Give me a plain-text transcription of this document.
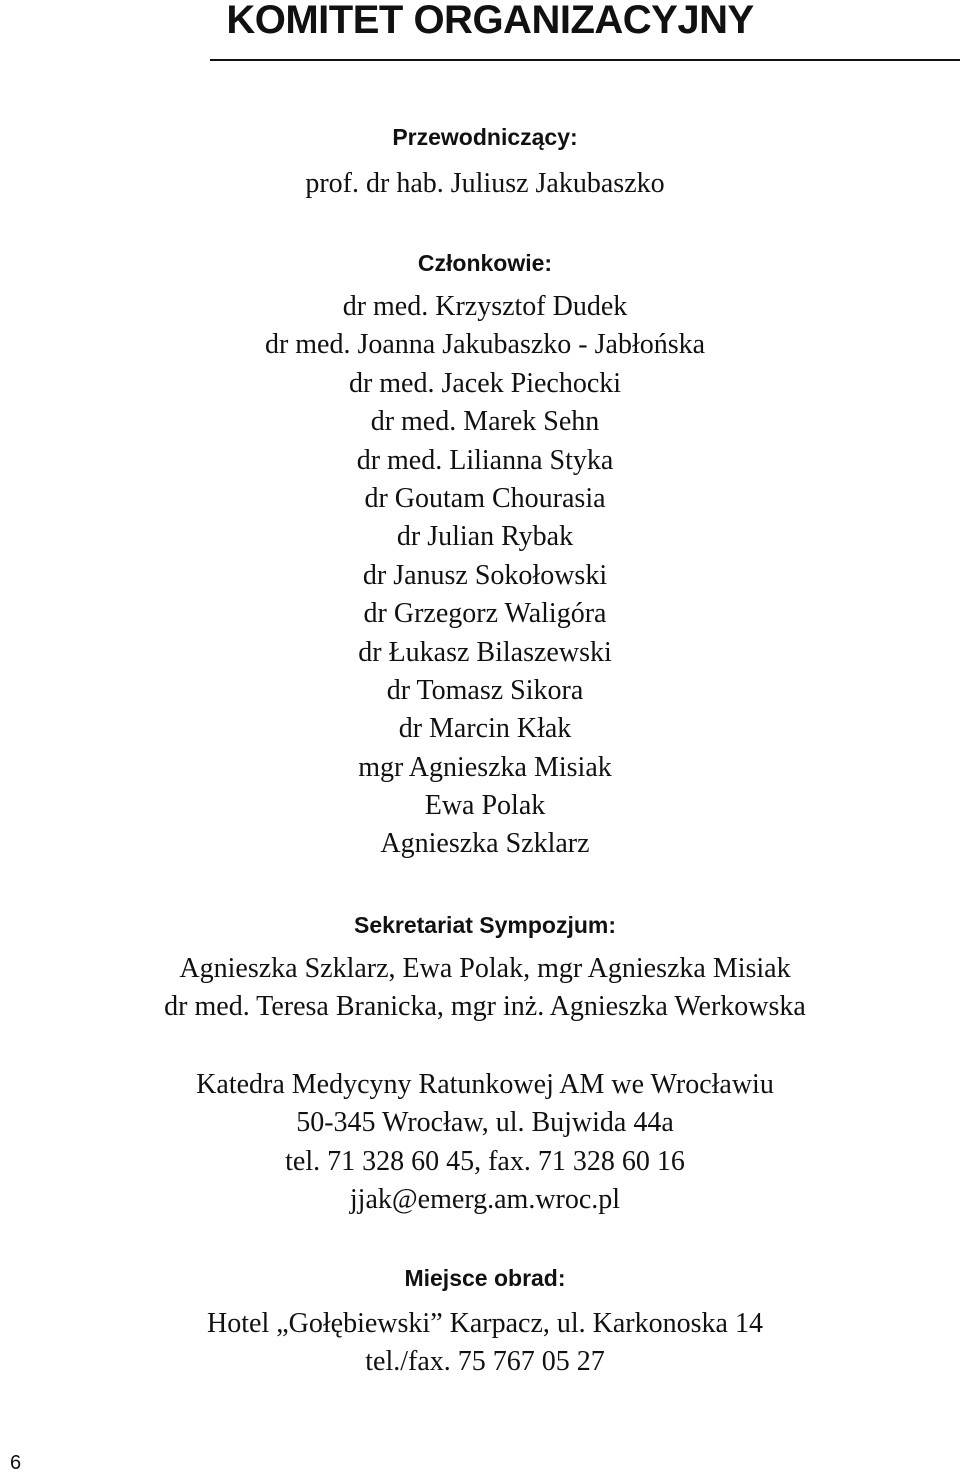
KOMITET ORGANIZACYJNY
Przewodniczący:
prof. dr hab. Juliusz Jakubaszko
Członkowie:
dr med. Krzysztof Dudek
dr med. Joanna Jakubaszko - Jabłońska
dr med. Jacek Piechocki
dr med. Marek Sehn
dr med. Lilianna Styka
dr Goutam Chourasia
dr Julian Rybak
dr Janusz Sokołowski
dr Grzegorz Waligóra
dr Łukasz Bilaszewski
dr Tomasz Sikora
dr Marcin Kłak
mgr Agnieszka Misiak
Ewa Polak
Agnieszka Szklarz
Sekretariat Sympozjum:
Agnieszka Szklarz, Ewa Polak, mgr Agnieszka Misiak
dr med. Teresa Branicka, mgr inż. Agnieszka Werkowska
Katedra Medycyny Ratunkowej AM we Wrocławiu
50-345 Wrocław, ul. Bujwida 44a
tel. 71 328 60 45, fax. 71 328 60 16
jjak@emerg.am.wroc.pl
Miejsce obrad:
Hotel „Gołębiewski” Karpacz, ul. Karkonoska 14
tel./fax. 75 767 05 27
6
